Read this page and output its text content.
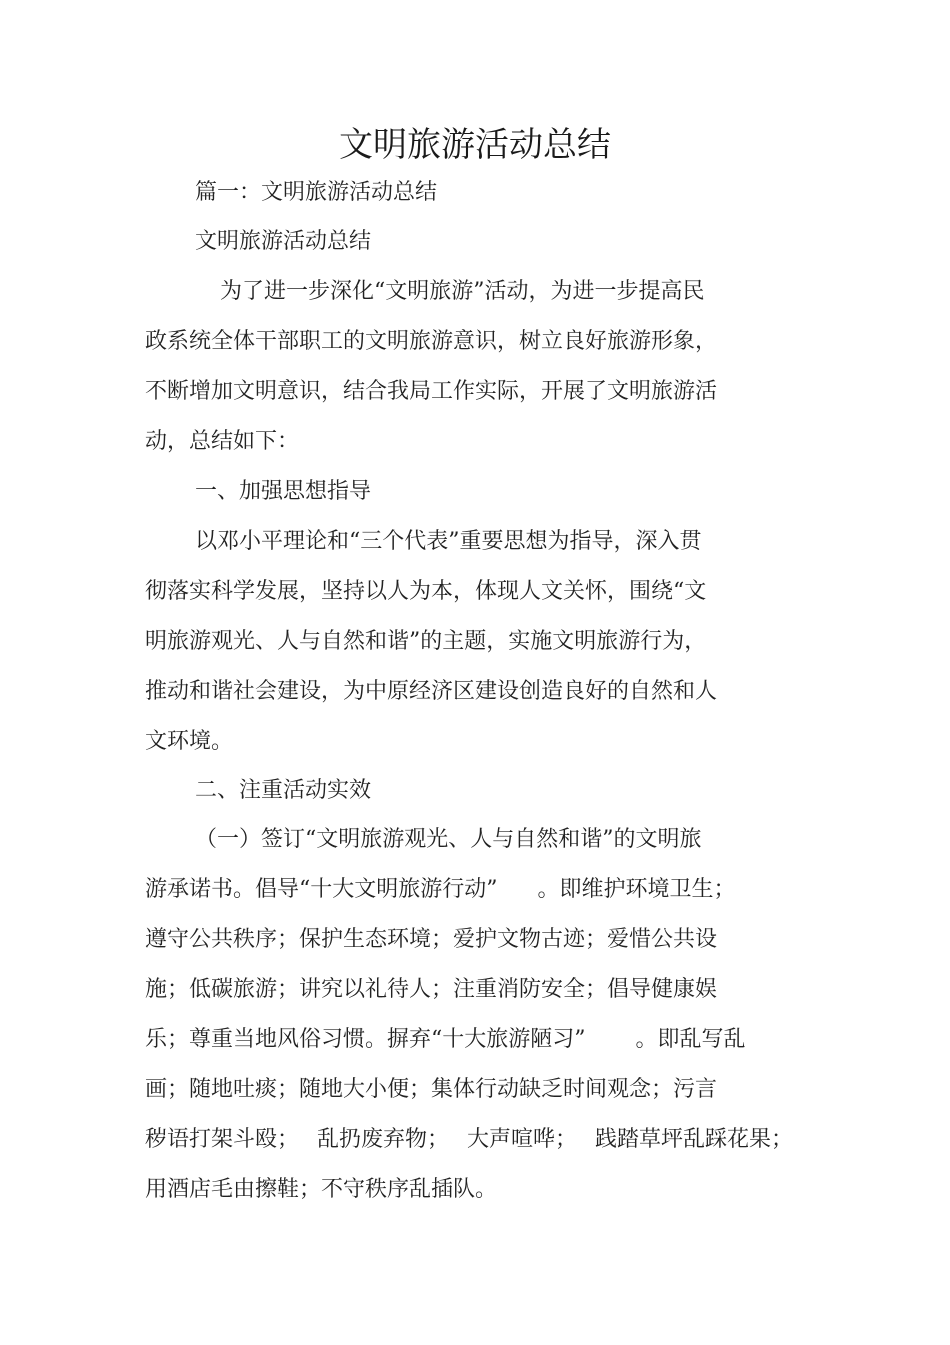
文明旅游活动总结

篇一：文明旅游活动总结

文明旅游活动总结

为了进一步深化“文明旅游”活动，为进一步提高民

政系统全体干部职工的文明旅游意识，树立良好旅游形象，

不断增加文明意识，结合我局工作实际，开展了文明旅游活

动，总结如下：

一、加强思想指导

以邓小平理论和“三个代表”重要思想为指导，深入贯

彻落实科学发展，坚持以人为本，体现人文关怀，围绕“文

明旅游观光、人与自然和谐”的主题，实施文明旅游行为，

推动和谐社会建设，为中原经济区建设创造良好的自然和人

文环境。

二、注重活动实效

（一）签订“文明旅游观光、人与自然和谐”的文明旅

游承诺书。倡导“十大文明旅游行动” 。即维护环境卫生；

遵守公共秩序；保护生态环境；爱护文物古迹；爱惜公共设

施；低碳旅游；讲究以礼待人；注重消防安全；倡导健康娱

乐；尊重当地风俗习惯。摒弃“十大旅游陋习” 。即乱写乱

画；随地吐痰；随地大小便；集体行动缺乏时间观念；污言

秽语打架斗殴； 乱扔废弃物； 大声喧哗； 践踏草坪乱踩花果；

用酒店毛由擦鞋；不守秩序乱插队。
